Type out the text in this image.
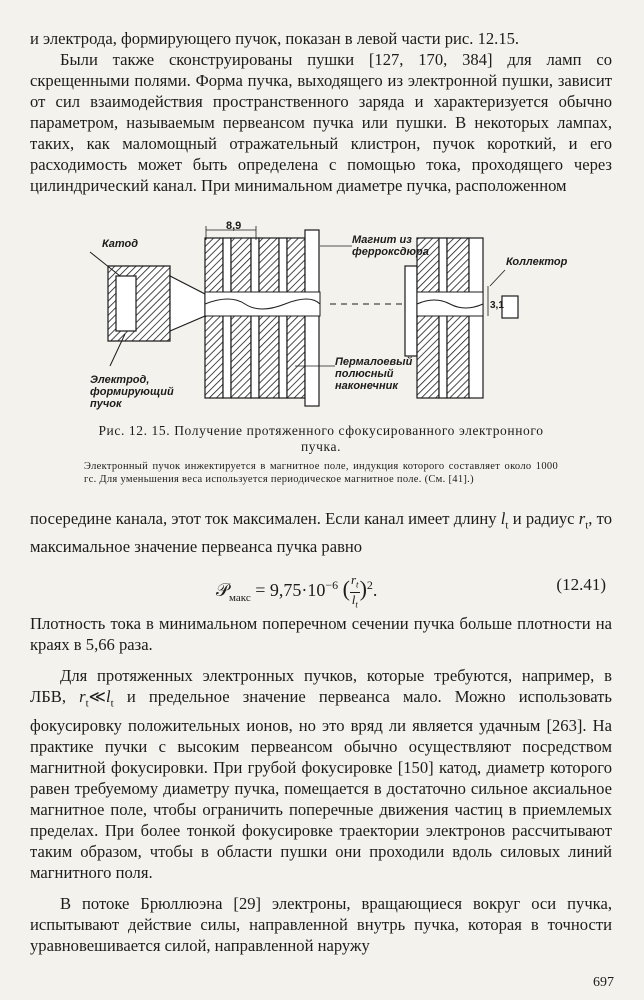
и электрода, формирующего пучок, показан в левой части рис. 12.15.

Были также сконструированы пушки [127, 170, 384] для ламп со скрещенными полями. Форма пучка, выходящего из электронной пушки, зависит от сил взаимодействия пространственного заряда и характеризуется обычно параметром, называемым первеансом пучка или пушки. В некоторых лампах, таких, как маломощный отражательный клистрон, пучок короткий, и его расходимость может быть определена с помощью тока, проходящего через цилиндрический канал. При минимальном диаметре пучка, расположенном

Катод
8,9
Магнит из ферроксдюра
Коллектор
3,1
Пермалоевый полюсный наконечник
Электрод, формирующий пучок

Рис. 12. 15. Получение протяженного сфокусированного электронного пучка.

Электронный пучок инжектируется в магнитное поле, индукция которого составляет около 1000 гс. Для уменьшения веса используется периодическое магнитное поле. (См. [41].)

посередине канала, этот ток максимален. Если канал имеет длину $l_t$ и радиус $r_t$, то максимальное значение первеанса пучка равно

𝒫$_{макс}$ = $9,75\cdot 10^{-6}$ ( $\frac{r_t}{l_t} )^2$.	(12.41)

Плотность тока в минимальном поперечном сечении пучка больше плотности на краях в 5,66 раза.

Для протяженных электронных пучков, которые требуются, например, в ЛБВ, $r_t≪l_t$ и предельное значение первеанса мало. Можно использовать фокусировку положительных ионов, но это вряд ли является удачным [263]. На практике пучки с высоким первеансом обычно осуществляют посредством магнитной фокусировки. При грубой фокусировке [150] катод, диаметр которого равен требуемому диаметру пучка, помещается в достаточно сильное аксиальное магнитное поле, чтобы ограничить поперечные движения частиц в приемлемых пределах. При более тонкой фокусировке траектории электронов рассчитывают таким образом, чтобы в области пушки они проходили вдоль силовых линий магнитного поля.

В потоке Брюллюэна [29] электроны, вращающиеся вокруг оси пучка, испытывают действие силы, направленной внутрь пучка, которая в точности уравновешивается силой, направленной наружу

697
